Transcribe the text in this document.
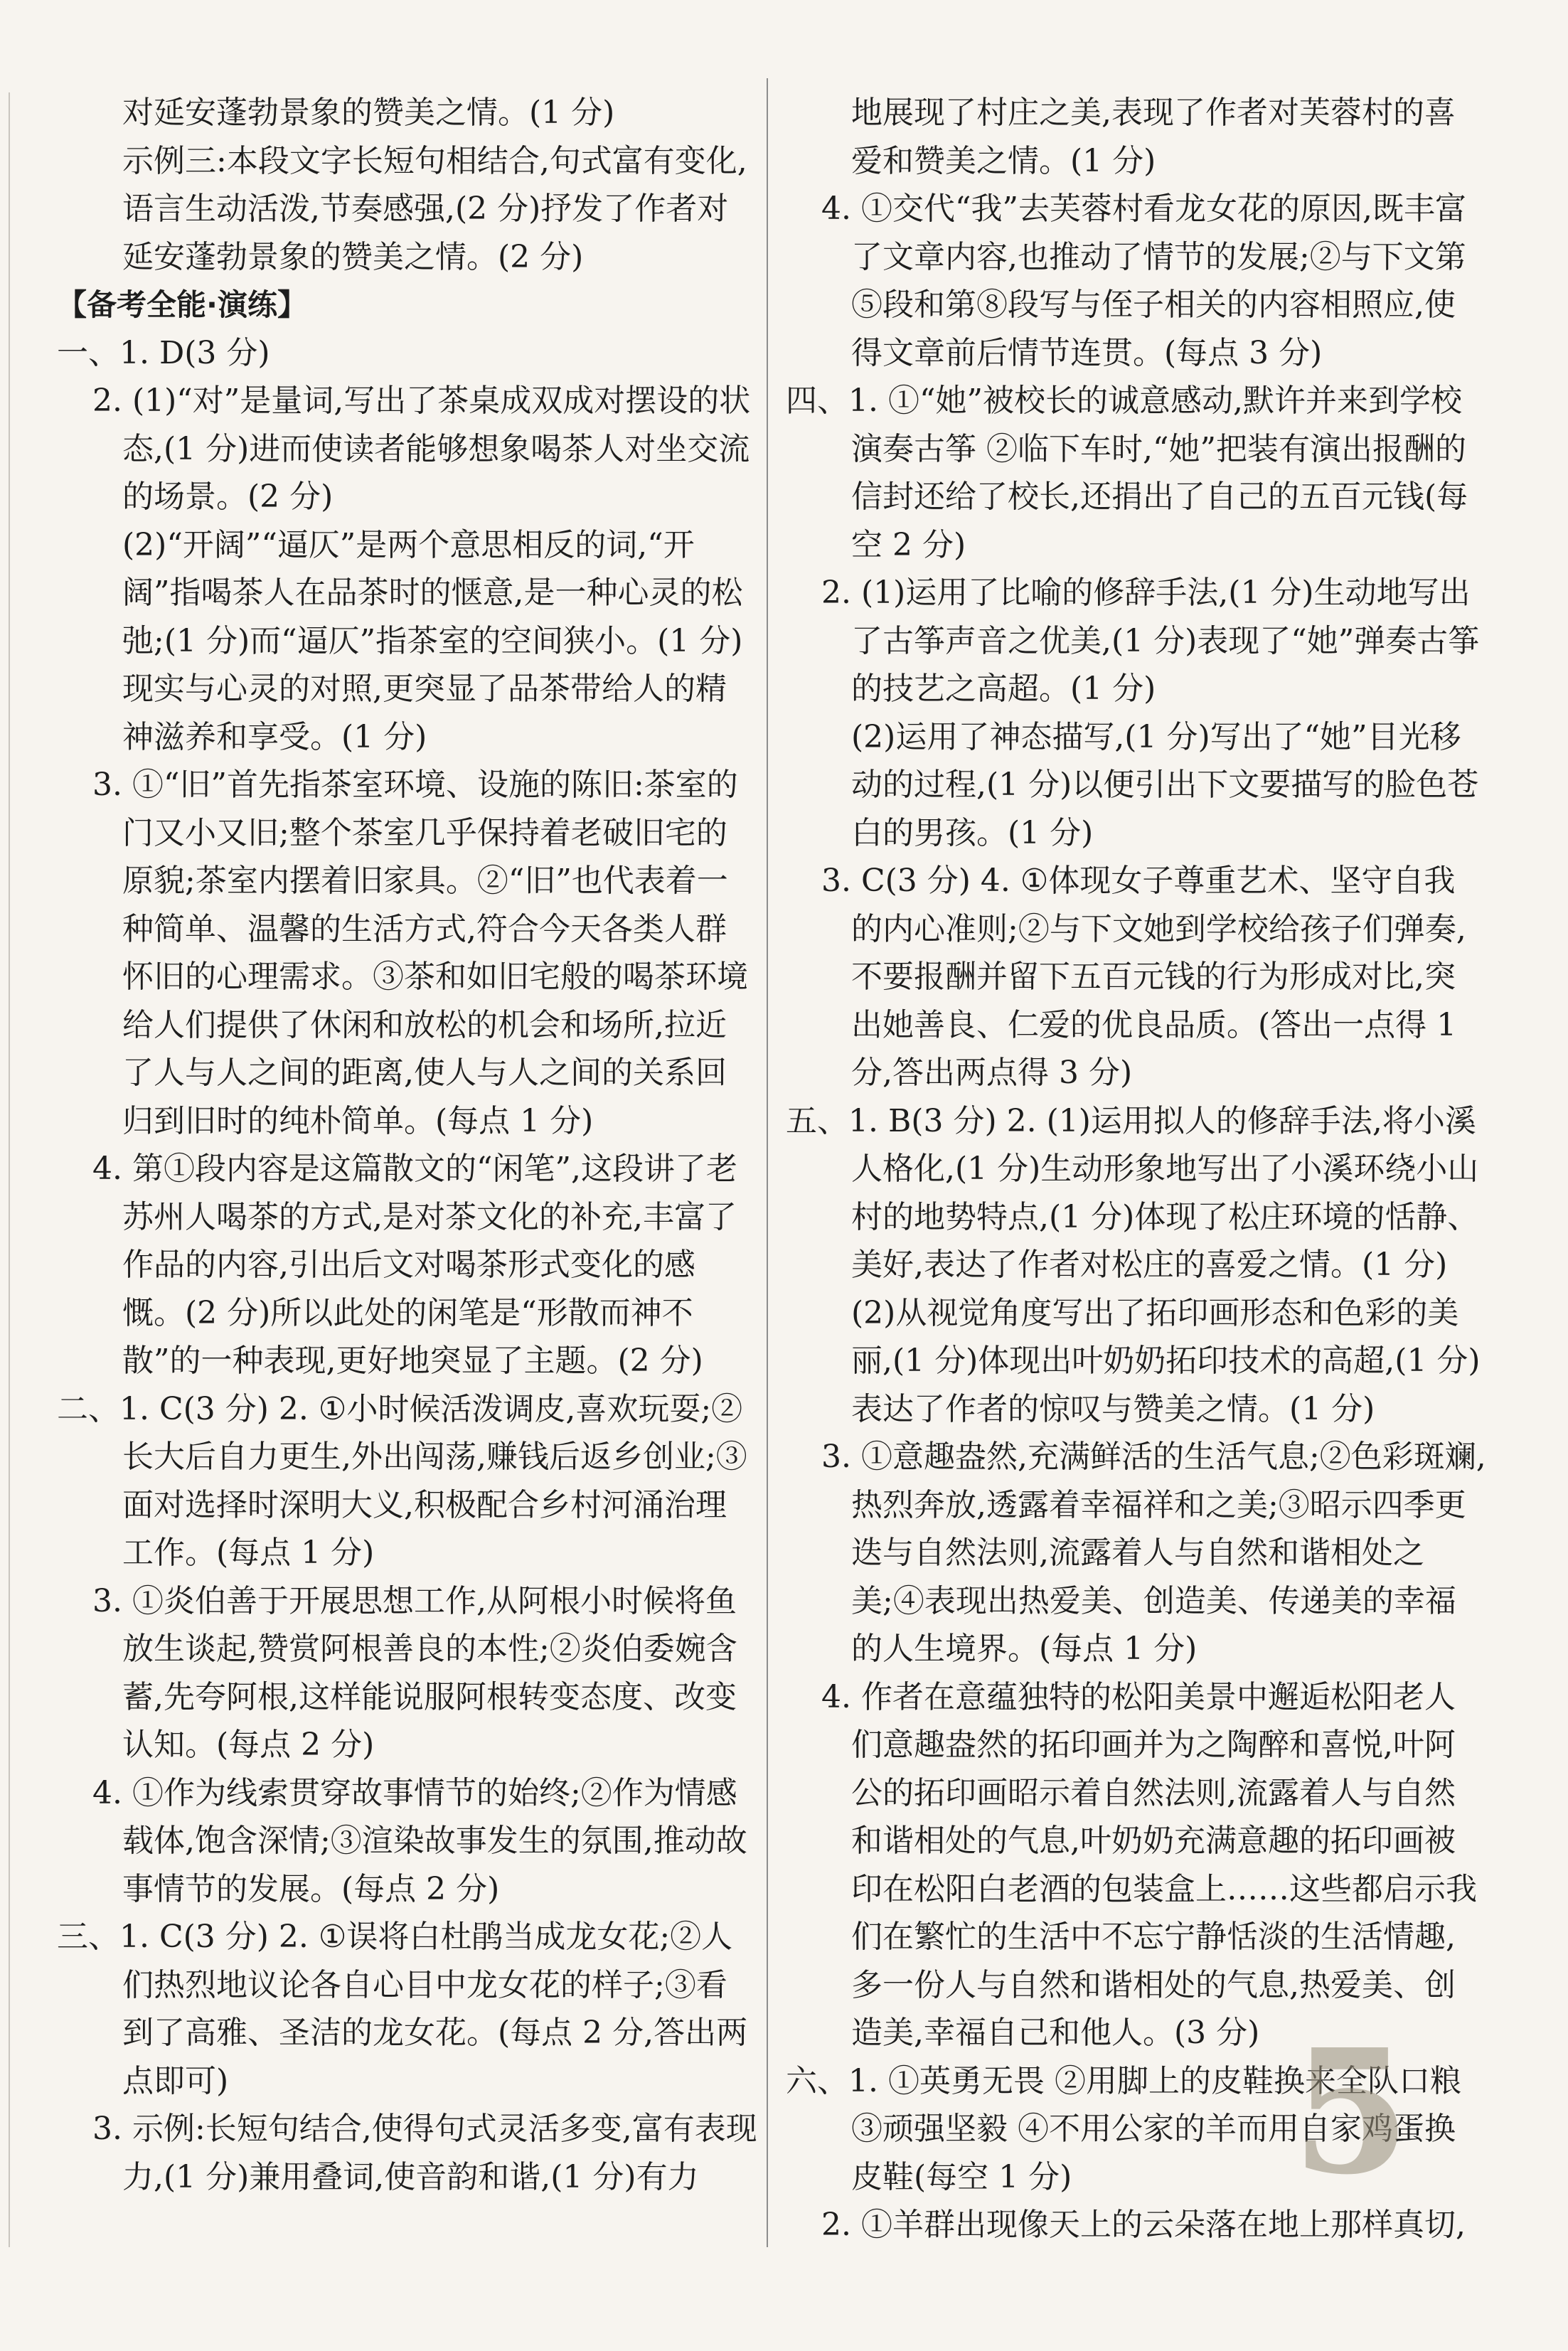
对延安蓬勃景象的赞美之情。(1 分)

示例三:本段文字长短句相结合,句式富有变化,语言生动活泼,节奏感强,(2 分)抒发了作者对延安蓬勃景象的赞美之情。(2 分)

【备考全能·演练】

一、1. D(3 分)

2. (1)“对”是量词,写出了茶桌成双成对摆设的状态,(1 分)进而使读者能够想象喝茶人对坐交流的场景。(2 分)

(2)“开阔”“逼仄”是两个意思相反的词,“开阔”指喝茶人在品茶时的惬意,是一种心灵的松弛;(1 分)而“逼仄”指茶室的空间狭小。(1 分)现实与心灵的对照,更突显了品茶带给人的精神滋养和享受。(1 分)

3. ①“旧”首先指茶室环境、设施的陈旧:茶室的门又小又旧;整个茶室几乎保持着老破旧宅的原貌;茶室内摆着旧家具。②“旧”也代表着一种简单、温馨的生活方式,符合今天各类人群怀旧的心理需求。③茶和如旧宅般的喝茶环境给人们提供了休闲和放松的机会和场所,拉近了人与人之间的距离,使人与人之间的关系回归到旧时的纯朴简单。(每点 1 分)

4. 第①段内容是这篇散文的“闲笔”,这段讲了老苏州人喝茶的方式,是对茶文化的补充,丰富了作品的内容,引出后文对喝茶形式变化的感慨。(2 分)所以此处的闲笔是“形散而神不散”的一种表现,更好地突显了主题。(2 分)

二、1. C(3 分) 2. ①小时候活泼调皮,喜欢玩耍;②长大后自力更生,外出闯荡,赚钱后返乡创业;③面对选择时深明大义,积极配合乡村河涌治理工作。(每点 1 分)

3. ①炎伯善于开展思想工作,从阿根小时候将鱼放生谈起,赞赏阿根善良的本性;②炎伯委婉含蓄,先夸阿根,这样能说服阿根转变态度、改变认知。(每点 2 分)

4. ①作为线索贯穿故事情节的始终;②作为情感载体,饱含深情;③渲染故事发生的氛围,推动故事情节的发展。(每点 2 分)

三、1. C(3 分) 2. ①误将白杜鹃当成龙女花;②人们热烈地议论各自心目中龙女花的样子;③看到了高雅、圣洁的龙女花。(每点 2 分,答出两点即可)

3. 示例:长短句结合,使得句式灵活多变,富有表现力,(1 分)兼用叠词,使音韵和谐,(1 分)有力

地展现了村庄之美,表现了作者对芙蓉村的喜爱和赞美之情。(1 分)

4. ①交代“我”去芙蓉村看龙女花的原因,既丰富了文章内容,也推动了情节的发展;②与下文第⑤段和第⑧段写与侄子相关的内容相照应,使得文章前后情节连贯。(每点 3 分)

四、1. ①“她”被校长的诚意感动,默许并来到学校演奏古筝 ②临下车时,“她”把装有演出报酬的信封还给了校长,还捐出了自己的五百元钱(每空 2 分)

2. (1)运用了比喻的修辞手法,(1 分)生动地写出了古筝声音之优美,(1 分)表现了“她”弹奏古筝的技艺之高超。(1 分)

(2)运用了神态描写,(1 分)写出了“她”目光移动的过程,(1 分)以便引出下文要描写的脸色苍白的男孩。(1 分)

3. C(3 分) 4. ①体现女子尊重艺术、坚守自我的内心准则;②与下文她到学校给孩子们弹奏,不要报酬并留下五百元钱的行为形成对比,突出她善良、仁爱的优良品质。(答出一点得 1 分,答出两点得 3 分)

五、1. B(3 分) 2. (1)运用拟人的修辞手法,将小溪人格化,(1 分)生动形象地写出了小溪环绕小山村的地势特点,(1 分)体现了松庄环境的恬静、美好,表达了作者对松庄的喜爱之情。(1 分)

(2)从视觉角度写出了拓印画形态和色彩的美丽,(1 分)体现出叶奶奶拓印技术的高超,(1 分)表达了作者的惊叹与赞美之情。(1 分)

3. ①意趣盎然,充满鲜活的生活气息;②色彩斑斓,热烈奔放,透露着幸福祥和之美;③昭示四季更迭与自然法则,流露着人与自然和谐相处之美;④表现出热爱美、创造美、传递美的幸福的人生境界。(每点 1 分)

4. 作者在意蕴独特的松阳美景中邂逅松阳老人们意趣盎然的拓印画并为之陶醉和喜悦,叶阿公的拓印画昭示着自然法则,流露着人与自然和谐相处的气息,叶奶奶充满意趣的拓印画被印在松阳白老酒的包装盒上……这些都启示我们在繁忙的生活中不忘宁静恬淡的生活情趣,多一份人与自然和谐相处的气息,热爱美、创造美,幸福自己和他人。(3 分)

六、1. ①英勇无畏 ②用脚上的皮鞋换来全队口粮 ③顽强坚毅 ④不用公家的羊而用自家鸡蛋换皮鞋(每空 1 分)

2. ①羊群出现像天上的云朵落在地上那样真切,

5
